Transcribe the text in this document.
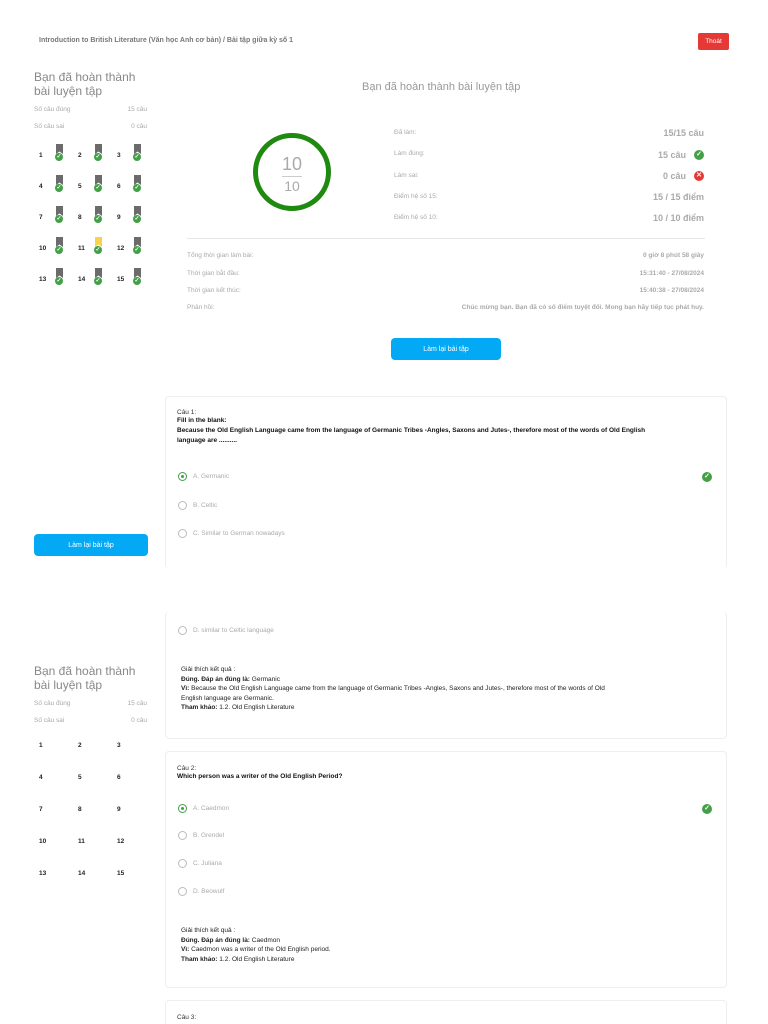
Introduction to British Literature (Văn học Anh cơ bản) / Bài tập giữa kỳ số 1	Thoát
Bạn đã hoàn thành
bài luyện tập
Số câu đúng	15 câu
Số câu sai	0 câu
1 ✓	2 ✓	3 ✓
4 ✓	5 ✓	6 ✓
7 ✓	8 ✓	9 ✓
10 ✓	11 ✓	12 ✓
13 ✓	14 ✓	15 ✓
Bạn đã hoàn thành bài luyện tập
10
10
Đã làm:	15/15 câu
Làm đúng:	15 câu ✓
Làm sai:	0 câu ✕
Điểm hệ số 15:	15 / 15 điểm
Điểm hệ số 10:	10 / 10 điểm
Tổng thời gian làm bài:	0 giờ 8 phút 58 giây
Thời gian bắt đầu:	15:31:40 - 27/08/2024
Thời gian kết thúc:	15:40:38 - 27/08/2024
Phản hồi:	Chúc mừng bạn. Bạn đã có số điểm tuyệt đối. Mong bạn hãy tiếp tục phát huy.
Làm lại bài tập
Câu 1:
Fill in the blank:
Because the Old English Language came from the language of Germanic Tribes -Angles, Saxons and Jutes-, therefore most of the words of Old English
language are ..........
A. Germanic	✓
B. Celtic
C. Similar to German nowadays
Làm lại bài tập
D. similar to Celtic language
Giải thích kết quả :
Đúng. Đáp án đúng là: Germanic
Vì: Because the Old English Language came from the language of Germanic Tribes -Angles, Saxons and Jutes-, therefore most of the words of Old
English language are Germanic.
Tham khảo: 1.2. Old English Literature
Bạn đã hoàn thành
bài luyện tập
Số câu đúng	15 câu
Số câu sai	0 câu
1	2	3
4	5	6
7	8	9
10	11	12
13	14	15
Câu 2:
Which person was a writer of the Old English Period?
A. Caedmon	✓
B. Grendel
C. Juliana
D. Beowulf
Giải thích kết quả :
Đúng. Đáp án đúng là: Caedmon
Vì: Caedmon was a writer of the Old English period.
Tham khảo: 1.2. Old English Literature
Câu 3:
